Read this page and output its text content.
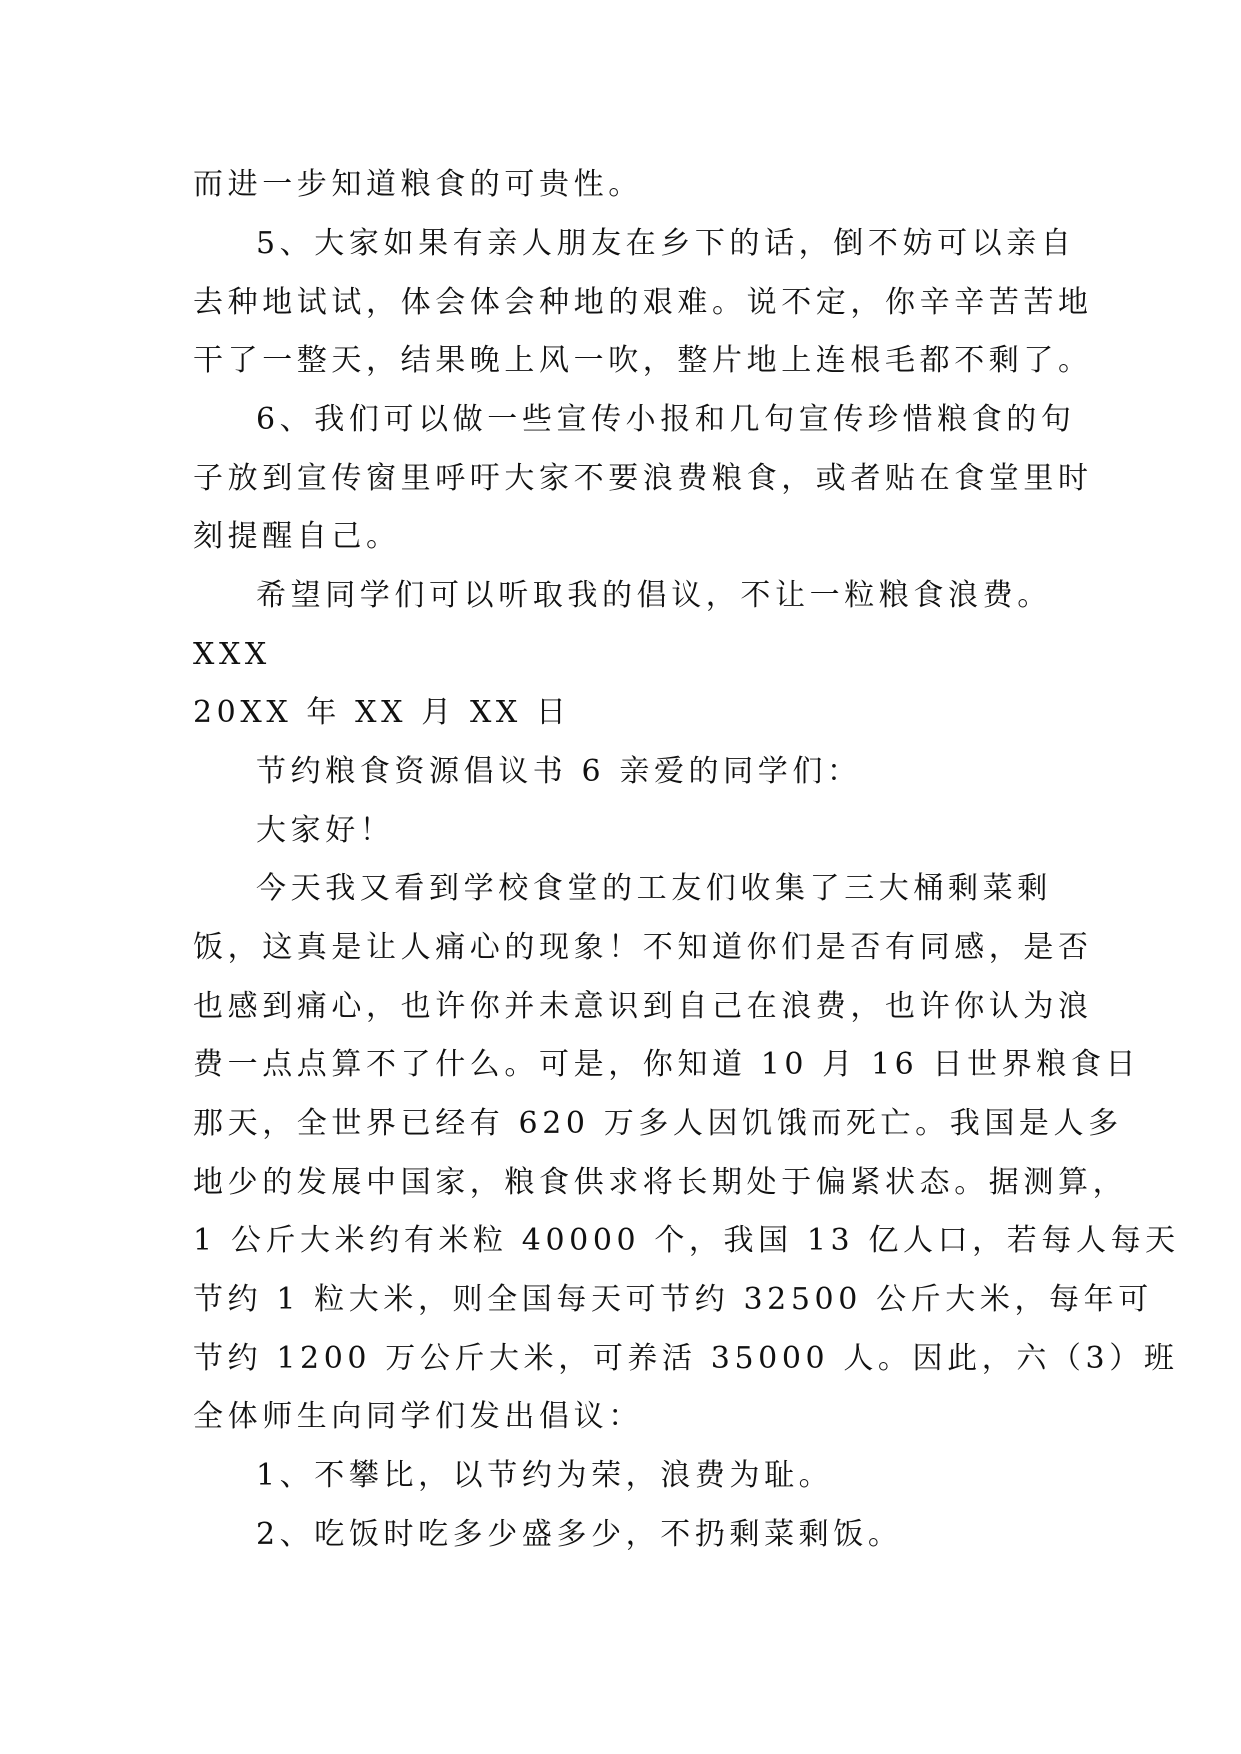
而进一步知道粮食的可贵性。
5、大家如果有亲人朋友在乡下的话，倒不妨可以亲自
去种地试试，体会体会种地的艰难。说不定，你辛辛苦苦地
干了一整天，结果晚上风一吹，整片地上连根毛都不剩了。
6、我们可以做一些宣传小报和几句宣传珍惜粮食的句
子放到宣传窗里呼吁大家不要浪费粮食，或者贴在食堂里时
刻提醒自己。
希望同学们可以听取我的倡议，不让一粒粮食浪费。
XXX
20XX 年 XX 月 XX 日
节约粮食资源倡议书 6 亲爱的同学们：
大家好！
今天我又看到学校食堂的工友们收集了三大桶剩菜剩
饭，这真是让人痛心的现象！不知道你们是否有同感，是否
也感到痛心，也许你并未意识到自己在浪费，也许你认为浪
费一点点算不了什么。可是，你知道 10 月 16 日世界粮食日
那天，全世界已经有 620 万多人因饥饿而死亡。我国是人多
地少的发展中国家，粮食供求将长期处于偏紧状态。据测算，
1 公斤大米约有米粒 40000 个，我国 13 亿人口，若每人每天
节约 1 粒大米，则全国每天可节约 32500 公斤大米，每年可
节约 1200 万公斤大米，可养活 35000 人。因此，六（3）班
全体师生向同学们发出倡议：
1、不攀比，以节约为荣，浪费为耻。
2、吃饭时吃多少盛多少，不扔剩菜剩饭。
